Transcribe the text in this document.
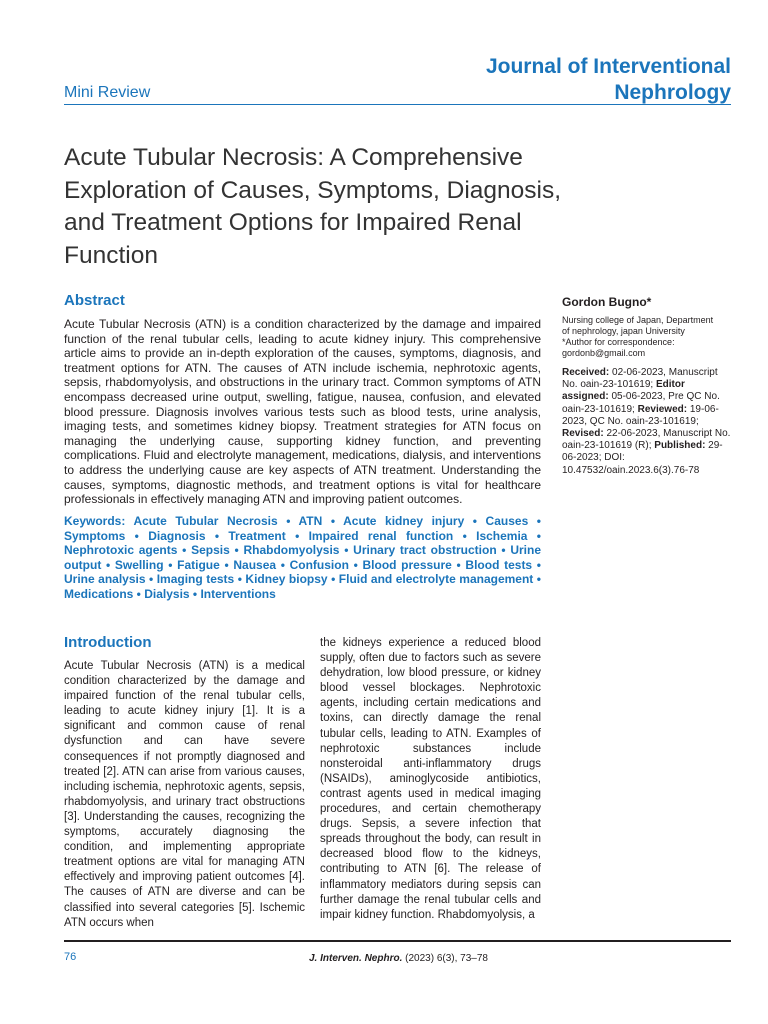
Journal of Interventional
Nephrology
Mini Review
Acute Tubular Necrosis: A Comprehensive Exploration of Causes, Symptoms, Diagnosis, and Treatment Options for Impaired Renal Function
Abstract
Acute Tubular Necrosis (ATN) is a condition characterized by the damage and impaired function of the renal tubular cells, leading to acute kidney injury. This comprehensive article aims to provide an in-depth exploration of the causes, symptoms, diagnosis, and treatment options for ATN. The causes of ATN include ischemia, nephrotoxic agents, sepsis, rhabdomyolysis, and obstructions in the urinary tract. Common symptoms of ATN encompass decreased urine output, swelling, fatigue, nausea, confusion, and elevated blood pressure. Diagnosis involves various tests such as blood tests, urine analysis, imaging tests, and sometimes kidney biopsy. Treatment strategies for ATN focus on managing the underlying cause, supporting kidney function, and preventing complications. Fluid and electrolyte management, medications, dialysis, and interventions to address the underlying cause are key aspects of ATN treatment. Understanding the causes, symptoms, diagnostic methods, and treatment options is vital for healthcare professionals in effectively managing ATN and improving patient outcomes.
Keywords: Acute Tubular Necrosis • ATN • Acute kidney injury • Causes • Symptoms • Diagnosis • Treatment • Impaired renal function • Ischemia • Nephrotoxic agents • Sepsis • Rhabdomyolysis • Urinary tract obstruction • Urine output • Swelling • Fatigue • Nausea • Confusion • Blood pressure • Blood tests • Urine analysis • Imaging tests • Kidney biopsy • Fluid and electrolyte management • Medications • Dialysis • Interventions
Gordon Bugno*
Nursing college of Japan, Department of nephrology, japan University
*Author for correspondence:
gordonb@gmail.com
Received: 02-06-2023, Manuscript No. oain-23-101619; Editor assigned: 05-06-2023, Pre QC No. oain-23-101619; Reviewed: 19-06-2023, QC No. oain-23-101619; Revised: 22-06-2023, Manuscript No. oain-23-101619 (R); Published: 29-06-2023; DOI: 10.47532/oain.2023.6(3).76-78
Introduction
Acute Tubular Necrosis (ATN) is a medical condition characterized by the damage and impaired function of the renal tubular cells, leading to acute kidney injury [1]. It is a significant and common cause of renal dysfunction and can have severe consequences if not promptly diagnosed and treated [2]. ATN can arise from various causes, including ischemia, nephrotoxic agents, sepsis, rhabdomyolysis, and urinary tract obstructions [3]. Understanding the causes, recognizing the symptoms, accurately diagnosing the condition, and implementing appropriate treatment options are vital for managing ATN effectively and improving patient outcomes [4]. The causes of ATN are diverse and can be classified into several categories [5]. Ischemic ATN occurs when
the kidneys experience a reduced blood supply, often due to factors such as severe dehydration, low blood pressure, or kidney blood vessel blockages. Nephrotoxic agents, including certain medications and toxins, can directly damage the renal tubular cells, leading to ATN. Examples of nephrotoxic substances include nonsteroidal anti-inflammatory drugs (NSAIDs), aminoglycoside antibiotics, contrast agents used in medical imaging procedures, and certain chemotherapy drugs. Sepsis, a severe infection that spreads throughout the body, can result in decreased blood flow to the kidneys, contributing to ATN [6]. The release of inflammatory mediators during sepsis can further damage the renal tubular cells and impair kidney function. Rhabdomyolysis, a
76	J. Interven. Nephro. (2023) 6(3), 73–78
